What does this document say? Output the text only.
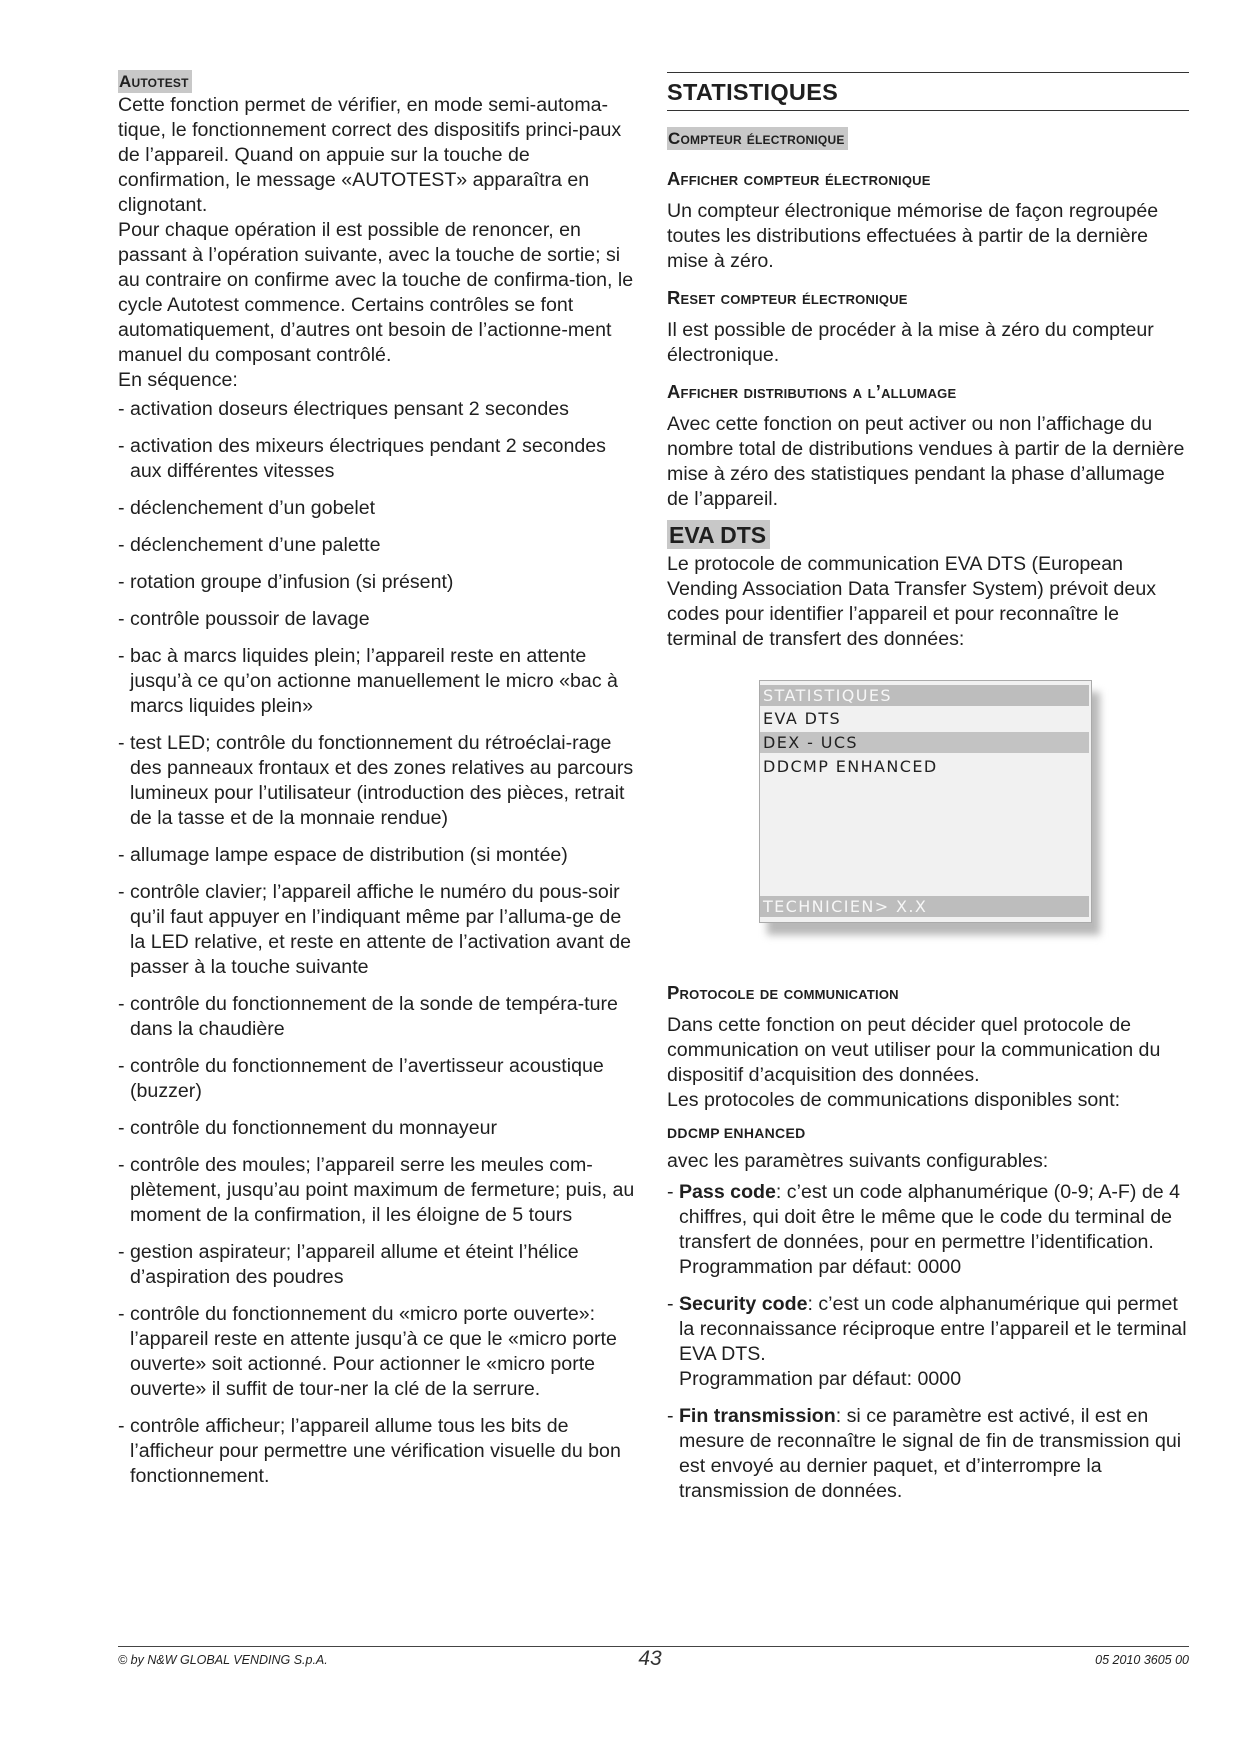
Autotest

Cette fonction permet de vérifier, en mode semi-automa-tique, le fonctionnement correct des dispositifs princi-paux de l’appareil. Quand on appuie sur la touche de confirmation, le message «AUTOTEST» apparaîtra en clignotant.

Pour chaque opération il est possible de renoncer, en passant à l’opération suivante, avec la touche de sortie; si au contraire on confirme avec la touche de confirma-tion, le cycle Autotest commence. Certains contrôles se font automatiquement, d’autres ont besoin de l’actionne-ment manuel du composant contrôlé.

En séquence:

- activation doseurs électriques pensant 2 secondes
- activation des mixeurs électriques pendant 2 secondes aux différentes vitesses
- déclenchement d’un gobelet
- déclenchement d’une palette
- rotation groupe d’infusion (si présent)
- contrôle poussoir de lavage
- bac à marcs liquides plein; l’appareil reste en attente jusqu’à ce qu’on actionne manuellement le micro «bac à marcs liquides plein»
- test LED; contrôle du fonctionnement du rétroéclai-rage des panneaux frontaux et des zones relatives au parcours lumineux pour l’utilisateur (introduction des pièces, retrait de la tasse et de la monnaie rendue)
- allumage lampe espace de distribution (si montée)
- contrôle clavier; l’appareil affiche le numéro du pous-soir qu’il faut appuyer en l’indiquant même par l’alluma-ge de la LED relative, et reste en attente de l’activation avant de passer à la touche suivante
- contrôle du fonctionnement de la sonde de tempéra-ture dans la chaudière
- contrôle du fonctionnement de l’avertisseur acoustique (buzzer)
- contrôle du fonctionnement du monnayeur
- contrôle des moules; l’appareil serre les meules com-plètement, jusqu’au point maximum de fermeture; puis, au moment de la confirmation, il les éloigne de 5 tours
- gestion aspirateur; l’appareil allume et éteint l’hélice d’aspiration des poudres
- contrôle du fonctionnement du «micro porte ouverte»: l’appareil reste en attente jusqu’à ce que le «micro porte ouverte» soit actionné. Pour actionner le «micro porte ouverte» il suffit de tour-ner la clé de la serrure.
- contrôle afficheur; l’appareil allume tous les bits de l’afficheur pour permettre une vérification visuelle du bon fonctionnement.
STATISTIQUES
Compteur électronique
Afficher compteur électronique

Un compteur électronique mémorise de façon regroupée toutes les distributions effectuées à partir de la dernière mise à zéro.

Reset compteur électronique

Il est possible de procéder à la mise à zéro du compteur électronique.

Afficher distributions a l’allumage

Avec cette fonction on peut activer ou non l’affichage du nombre total de distributions vendues à partir de la dernière mise à zéro des statistiques pendant la phase d’allumage de l’appareil.

EVA DTS

Le protocole de communication EVA DTS (European Vending Association Data Transfer System) prévoit deux codes pour identifier l’appareil et pour reconnaître le terminal de transfert des données:

STATISTIQUES
EVA DTS
DEX - UCS
DDCMP ENHANCED
TECHNICIEN> X.X
Protocole de communication

Dans cette fonction on peut décider quel protocole de communication on veut utiliser pour la communication du dispositif d’acquisition des données.

Les protocoles de communications disponibles sont:

DDCMP ENHANCED

avec les paramètres suivants configurables:

- Pass code: c’est un code alphanumérique (0-9; A-F) de 4 chiffres, qui doit être le même que le code du terminal de transfert de données, pour en permettre l’identification.
Programmation par défaut: 0000
- Security code: c’est un code alphanumérique qui permet la reconnaissance réciproque entre l’appareil et le terminal EVA DTS.
Programmation par défaut: 0000
- Fin transmission: si ce paramètre est activé, il est en mesure de reconnaître le signal de fin de transmission qui est envoyé au dernier paquet, et d’interrompre la transmission de données.
© by N&W GLOBAL VENDING S.p.A.	43	05 2010 3605 00
